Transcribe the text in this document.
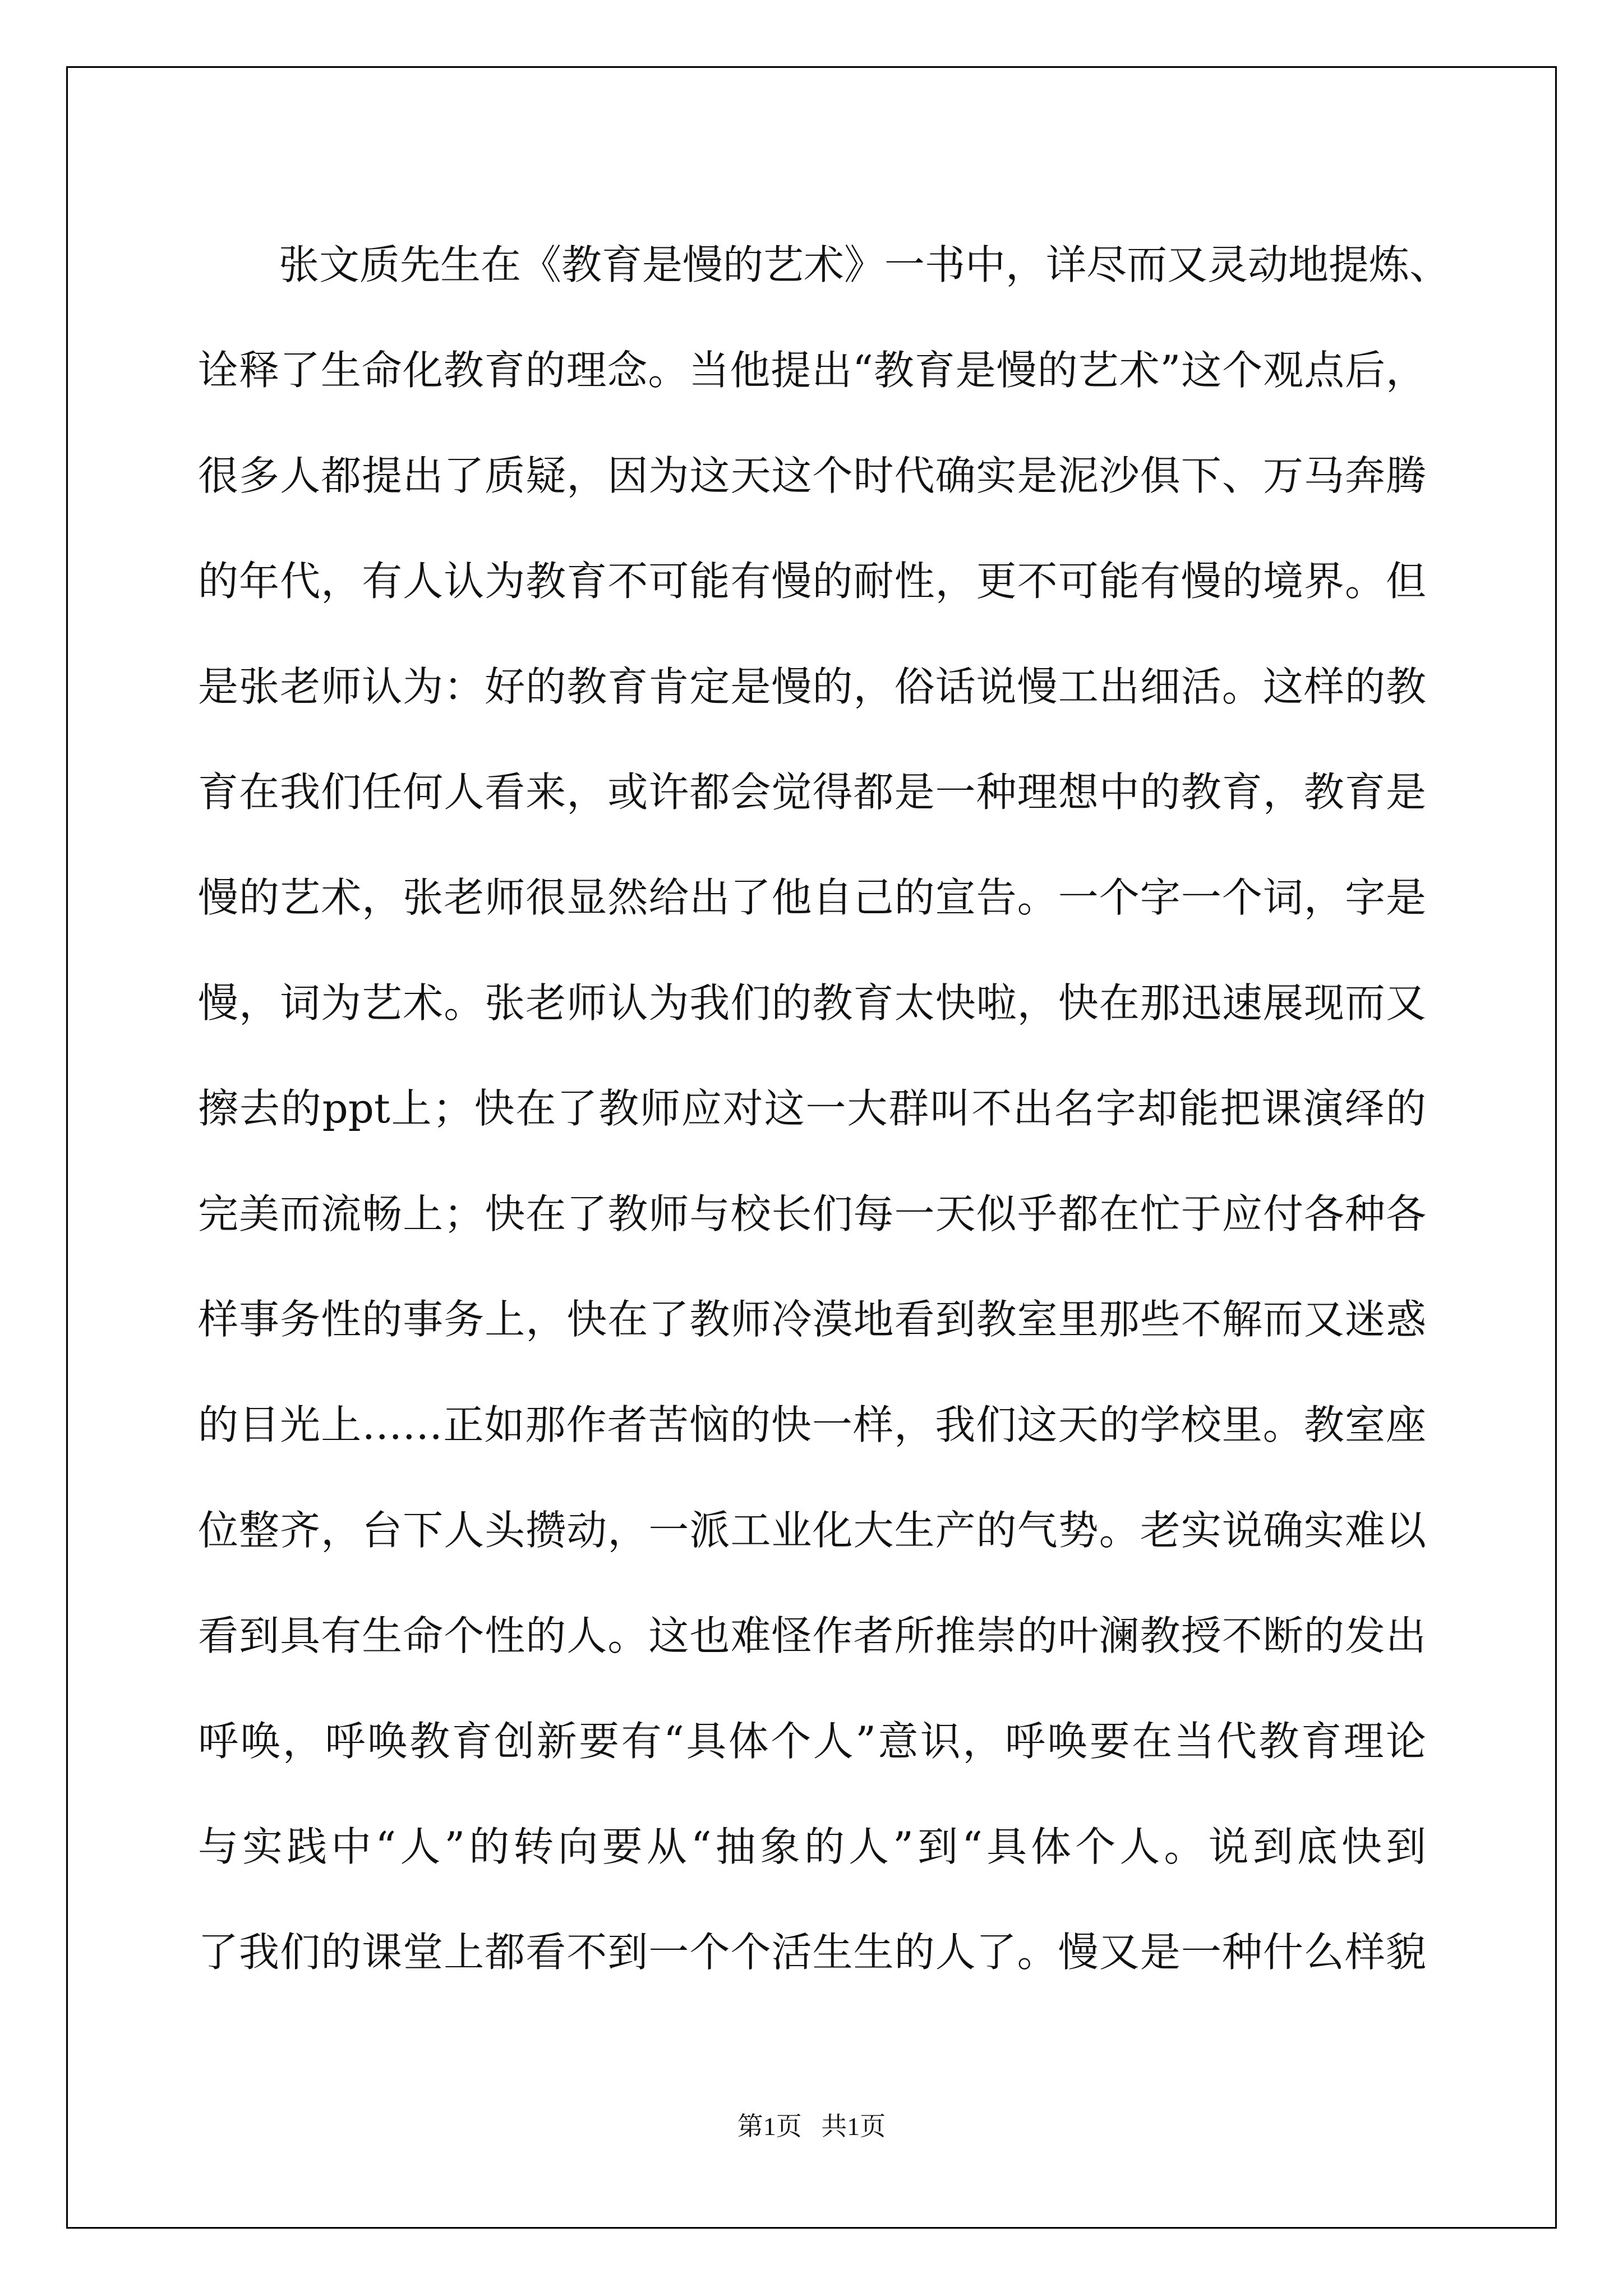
张文质先生在《教育是慢的艺术》一书中，详尽而又灵动地提炼、
诠释了生命化教育的理念。当他提出“教育是慢的艺术”这个观点后，
很多人都提出了质疑，因为这天这个时代确实是泥沙俱下、万马奔腾
的年代，有人认为教育不可能有慢的耐性，更不可能有慢的境界。但
是张老师认为：好的教育肯定是慢的，俗话说慢工出细活。这样的教
育在我们任何人看来，或许都会觉得都是一种理想中的教育，教育是
慢的艺术，张老师很显然给出了他自己的宣告。一个字一个词，字是
慢，词为艺术。张老师认为我们的教育太快啦，快在那迅速展现而又
擦去的ppt上；快在了教师应对这一大群叫不出名字却能把课演绎的
完美而流畅上；快在了教师与校长们每一天似乎都在忙于应付各种各
样事务性的事务上，快在了教师冷漠地看到教室里那些不解而又迷惑
的目光上……正如那作者苦恼的快一样，我们这天的学校里。教室座
位整齐，台下人头攒动，一派工业化大生产的气势。老实说确实难以
看到具有生命个性的人。这也难怪作者所推崇的叶澜教授不断的发出
呼唤，呼唤教育创新要有“具体个人”意识，呼唤要在当代教育理论
与实践中“人”的转向要从“抽象的人”到“具体个人。说到底快到
了我们的课堂上都看不到一个个活生生的人了。慢又是一种什么样貌
第1页   共1页
